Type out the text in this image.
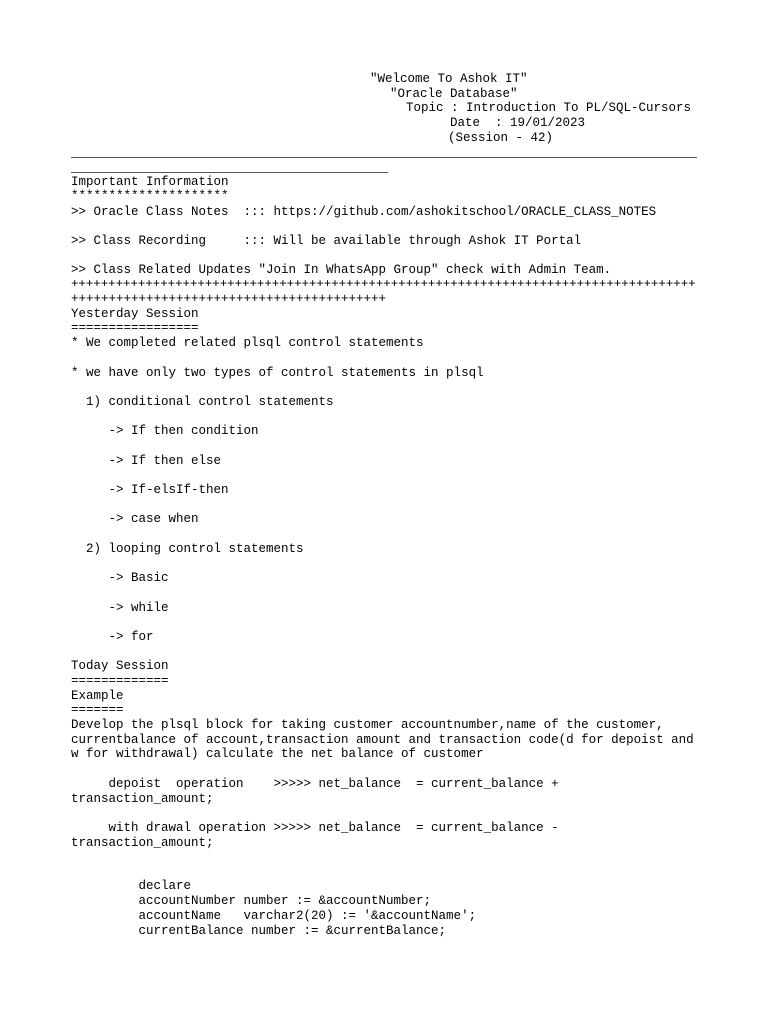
"Welcome To Ashok IT"
"Oracle Database"
Topic : Introduction To PL/SQL-Cursors
Date  : 19/01/2023
(Session - 42)
Important Information
*********************
>> Oracle Class Notes  ::: https://github.com/ashokitschool/ORACLE_CLASS_NOTES
>> Class Recording     ::: Will be available through Ashok IT Portal
>> Class Related Updates "Join In WhatsApp Group" check with Admin Team.
++++++++++++++++++++++++++++++++++++++++++++++++++++++++++++++++++++++++++++++++++++
++++++++++++++++++++++++++++++++++++++++++
Yesterday Session
=================
* We completed related plsql control statements
* we have only two types of control statements in plsql
1) conditional control statements
-> If then condition
-> If then else
-> If-elsIf-then
-> case when
2) looping control statements
-> Basic
-> while
-> for
Today Session
=============
Example
=======
Develop the plsql block for taking customer accountnumber,name of the customer,
currentbalance of account,transaction amount and transaction code(d for depoist and
w for withdrawal) calculate the net balance of customer
depoist  operation    >>>>> net_balance  = current_balance +
transaction_amount;
with drawal operation >>>>> net_balance  = current_balance -
transaction_amount;
declare
accountNumber number := &accountNumber;
accountName   varchar2(20) := '&accountName';
currentBalance number := &currentBalance;
